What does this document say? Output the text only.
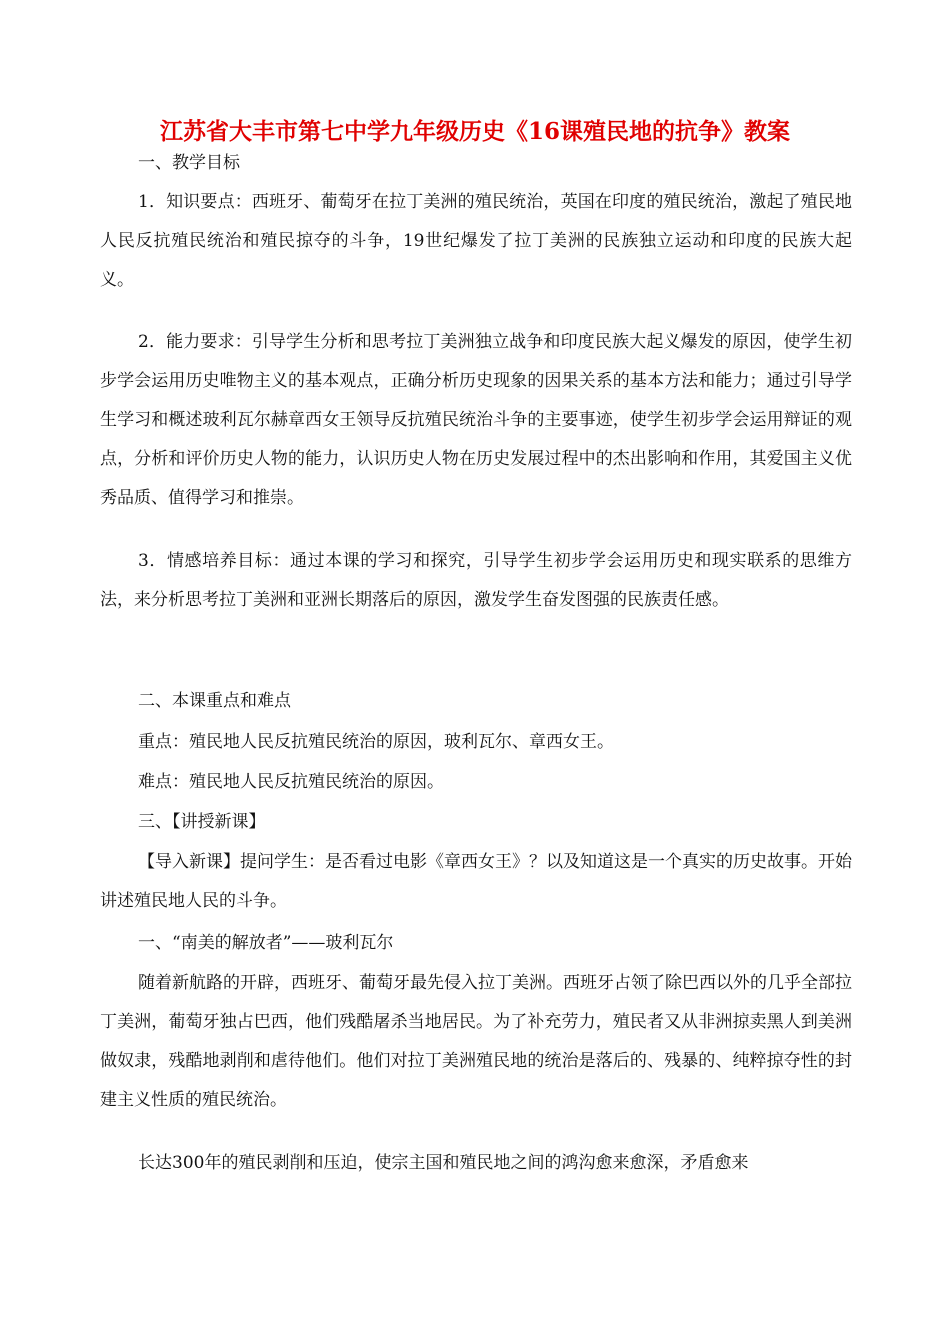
江苏省大丰市第七中学九年级历史《16课殖民地的抗争》教案
一、教学目标
1．知识要点：西班牙、葡萄牙在拉丁美洲的殖民统治，英国在印度的殖民统治，激起了殖民地人民反抗殖民统治和殖民掠夺的斗争，19世纪爆发了拉丁美洲的民族独立运动和印度的民族大起义。
2．能力要求：引导学生分析和思考拉丁美洲独立战争和印度民族大起义爆发的原因，使学生初步学会运用历史唯物主义的基本观点，正确分析历史现象的因果关系的基本方法和能力；通过引导学生学习和概述玻利瓦尔赫章西女王领导反抗殖民统治斗争的主要事迹，使学生初步学会运用辩证的观点，分析和评价历史人物的能力，认识历史人物在历史发展过程中的杰出影响和作用，其爱国主义优秀品质、值得学习和推崇。
3．情感培养目标：通过本课的学习和探究，引导学生初步学会运用历史和现实联系的思维方法，来分析思考拉丁美洲和亚洲长期落后的原因，激发学生奋发图强的民族责任感。
二、本课重点和难点
重点：殖民地人民反抗殖民统治的原因，玻利瓦尔、章西女王。
难点：殖民地人民反抗殖民统治的原因。
三、【讲授新课】
【导入新课】提问学生：是否看过电影《章西女王》？以及知道这是一个真实的历史故事。开始讲述殖民地人民的斗争。
一、“南美的解放者”——玻利瓦尔
随着新航路的开辟，西班牙、葡萄牙最先侵入拉丁美洲。西班牙占领了除巴西以外的几乎全部拉丁美洲，葡萄牙独占巴西，他们残酷屠杀当地居民。为了补充劳力，殖民者又从非洲掠卖黑人到美洲做奴隶，残酷地剥削和虐待他们。他们对拉丁美洲殖民地的统治是落后的、残暴的、纯粹掠夺性的封建主义性质的殖民统治。
长达300年的殖民剥削和压迫，使宗主国和殖民地之间的鸿沟愈来愈深，矛盾愈来
